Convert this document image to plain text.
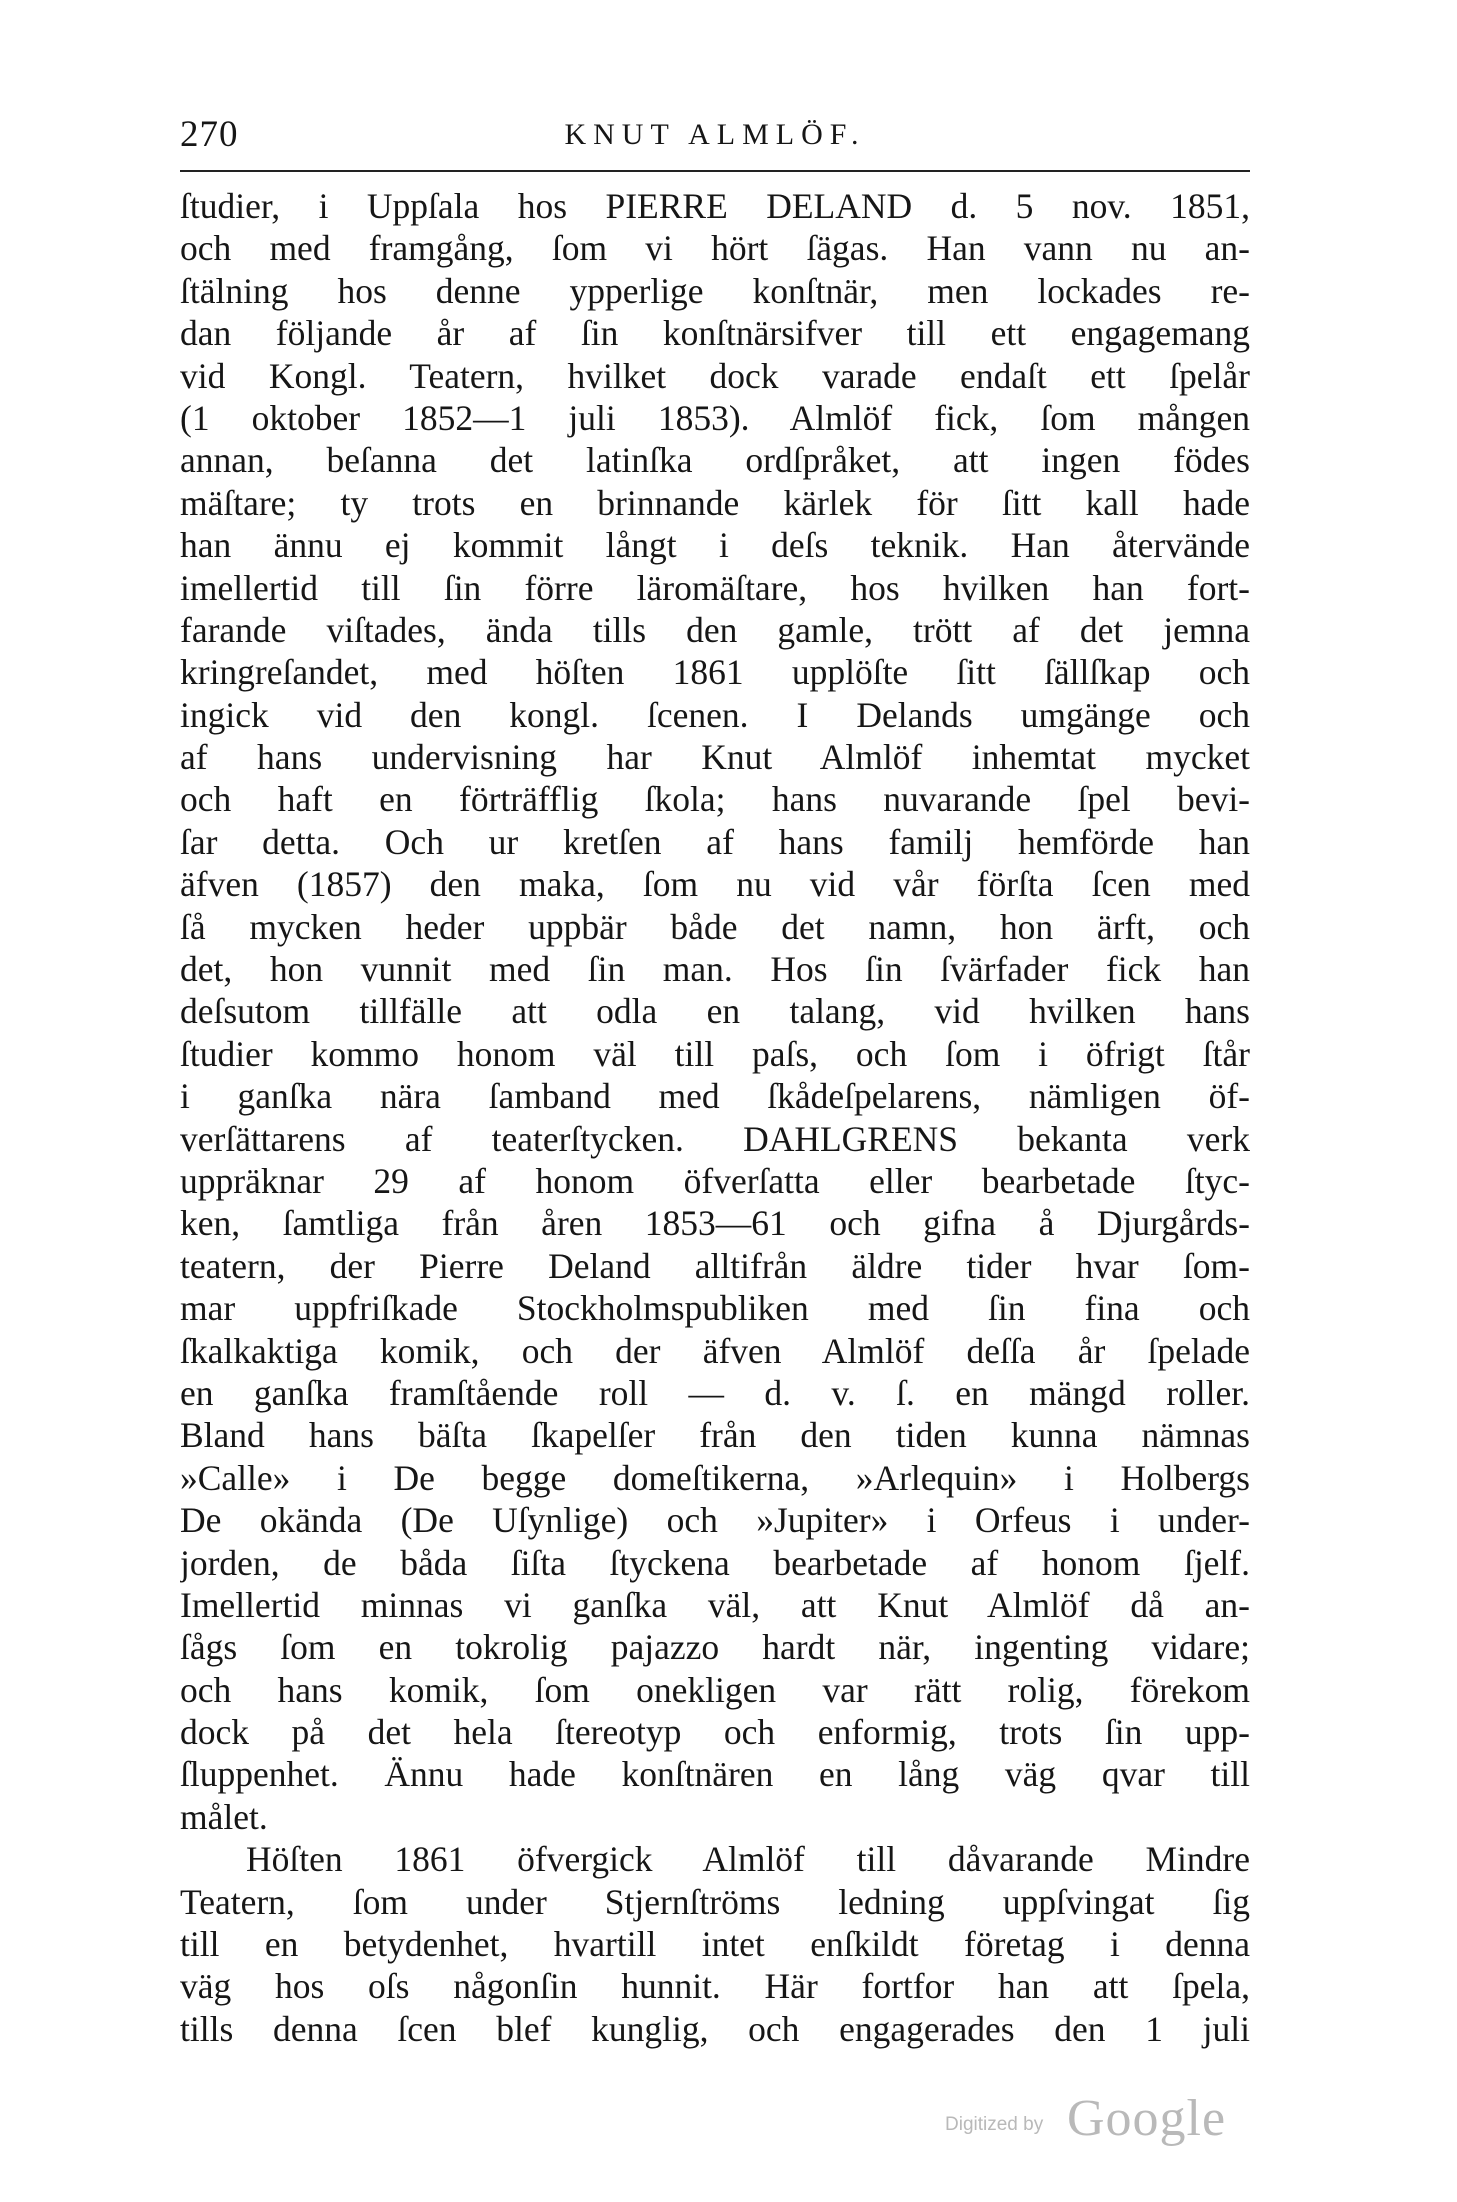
270	KNUT ALMLÖF.
ſtudier, i Uppſala hos PIERRE DELAND d. 5 nov. 1851,
och med framgång, ſom vi hört ſägas. Han vann nu an-
ſtälning hos denne ypperlige konſtnär, men lockades re-
dan följande år af ſin konſtnärsifver till ett engagemang
vid Kongl. Teatern, hvilket dock varade endaſt ett ſpelår
(1 oktober 1852—1 juli 1853). Almlöf fick, ſom mången
annan, beſanna det latinſka ordſpråket, att ingen födes
mäſtare; ty trots en brinnande kärlek för ſitt kall hade
han ännu ej kommit långt i deſs teknik. Han återvände
imellertid till ſin förre läromäſtare, hos hvilken han fort-
farande viſtades, ända tills den gamle, trött af det jemna
kringreſandet, med höſten 1861 upplöſte ſitt ſällſkap och
ingick vid den kongl. ſcenen. I Delands umgänge och
af hans undervisning har Knut Almlöf inhemtat mycket
och haft en förträfflig ſkola; hans nuvarande ſpel bevi-
ſar detta. Och ur kretſen af hans familj hemförde han
äfven (1857) den maka, ſom nu vid vår förſta ſcen med
ſå mycken heder uppbär både det namn, hon ärft, och
det, hon vunnit med ſin man. Hos ſin ſvärfader fick han
deſsutom tillfälle att odla en talang, vid hvilken hans
ſtudier kommo honom väl till paſs, och ſom i öfrigt ſtår
i ganſka nära ſamband med ſkådeſpelarens, nämligen öf-
verſättarens af teaterſtycken. DAHLGRENS bekanta verk
uppräknar 29 af honom öfverſatta eller bearbetade ſtyc-
ken, ſamtliga från åren 1853—61 och gifna å Djurgårds-
teatern, der Pierre Deland alltifrån äldre tider hvar ſom-
mar uppfriſkade Stockholmspubliken med ſin fina och
ſkalkaktiga komik, och der äfven Almlöf deſſa år ſpelade
en ganſka framſtående roll — d. v. ſ. en mängd roller.
Bland hans bäſta ſkapelſer från den tiden kunna nämnas
»Calle» i De begge domeſtikerna, »Arlequin» i Holbergs
De okända (De Uſynlige) och »Jupiter» i Orfeus i under-
jorden, de båda ſiſta ſtyckena bearbetade af honom ſjelf.
Imellertid minnas vi ganſka väl, att Knut Almlöf då an-
ſågs ſom en tokrolig pajazzo hardt när, ingenting vidare;
och hans komik, ſom onekligen var rätt rolig, förekom
dock på det hela ſtereotyp och enformig, trots ſin upp-
ſluppenhet. Ännu hade konſtnären en lång väg qvar till
målet.
Höſten 1861 öfvergick Almlöf till dåvarande Mindre
Teatern, ſom under Stjernſtröms ledning uppſvingat ſig
till en betydenhet, hvartill intet enſkildt företag i denna
väg hos oſs någonſin hunnit. Här fortfor han att ſpela,
tills denna ſcen blef kunglig, och engagerades den 1 juli
Digitized by Google
